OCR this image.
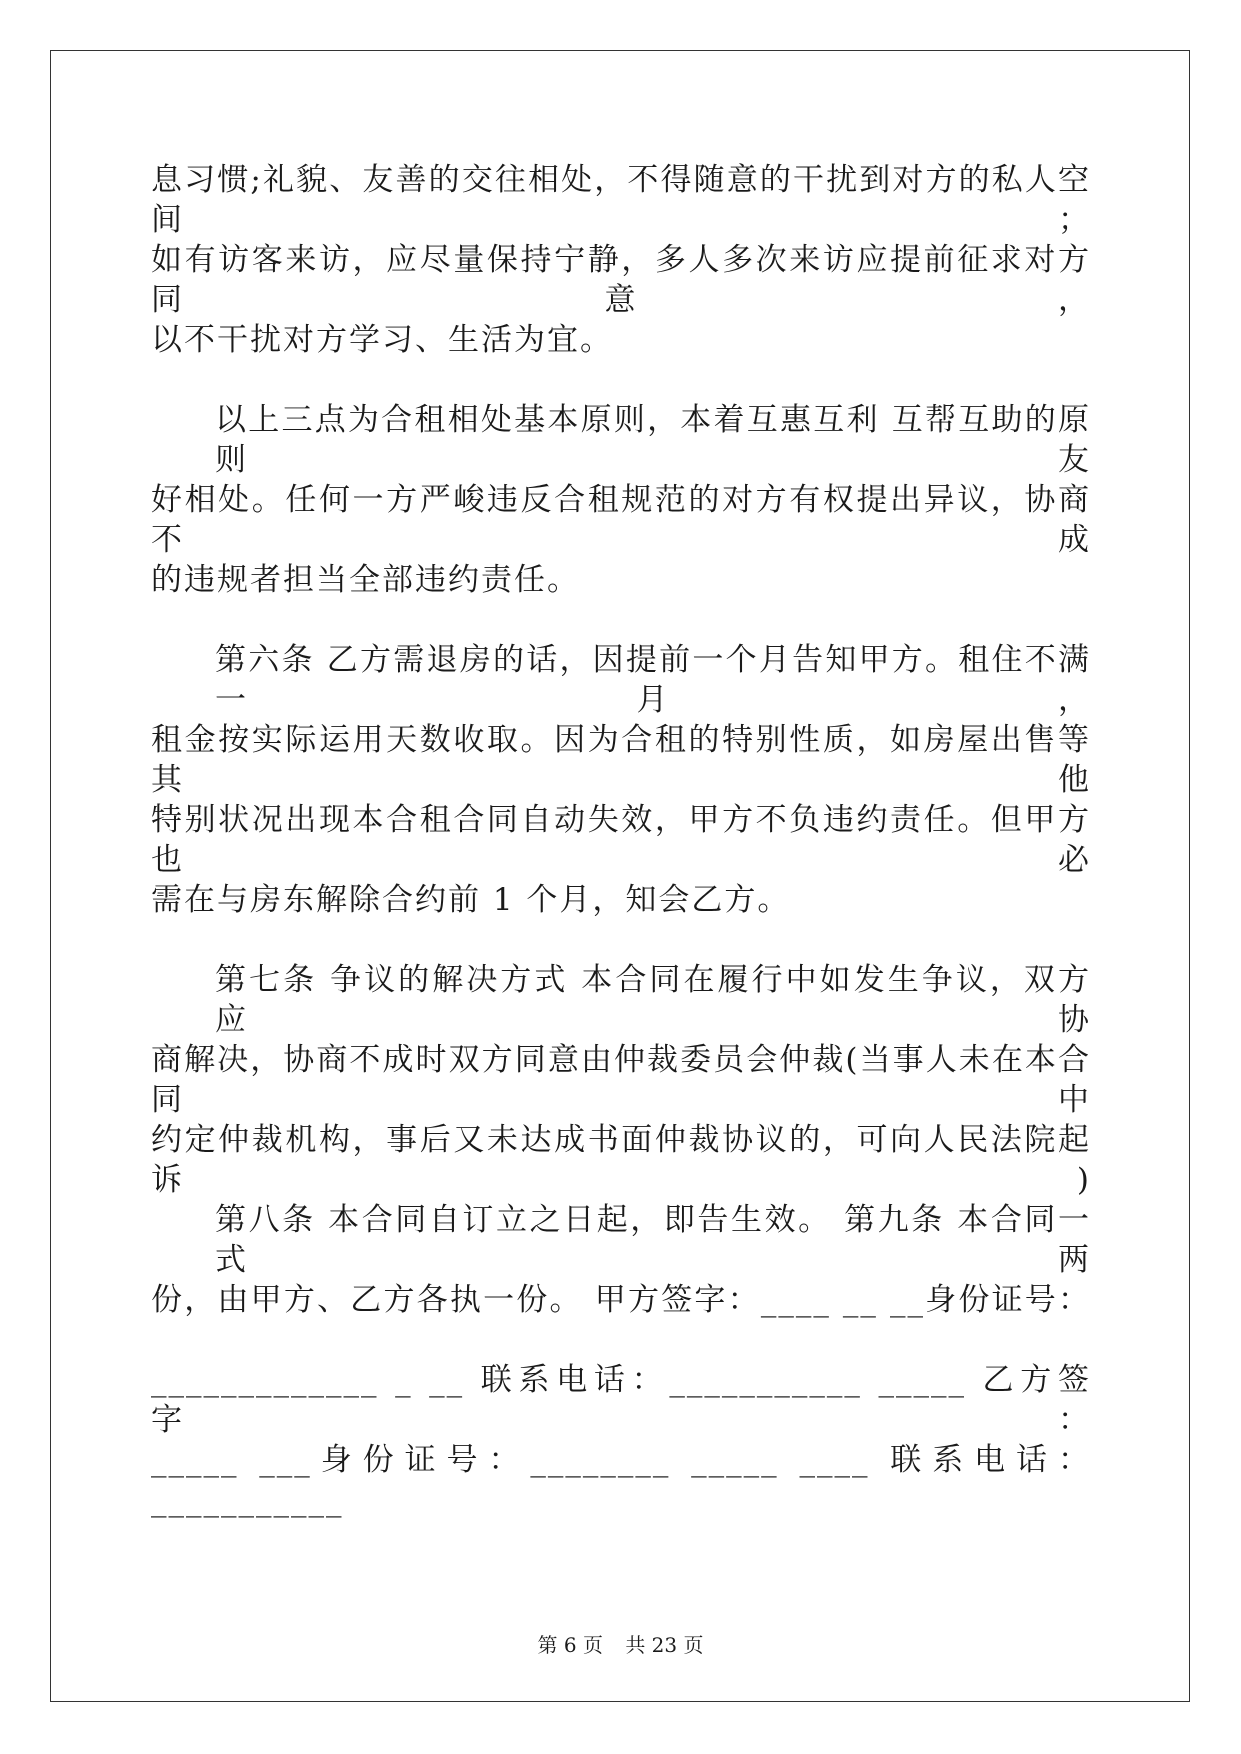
息习惯;礼貌、友善的交往相处，不得随意的干扰到对方的私人空间；
如有访客来访，应尽量保持宁静，多人多次来访应提前征求对方同意，
以不干扰对方学习、生活为宜。
以上三点为合租相处基本原则，本着互惠互利 互帮互助的原则友
好相处。任何一方严峻违反合租规范的对方有权提出异议，协商不成
的违规者担当全部违约责任。
第六条 乙方需退房的话，因提前一个月告知甲方。租住不满一月，
租金按实际运用天数收取。因为合租的特别性质，如房屋出售等其他
特别状况出现本合租合同自动失效，甲方不负违约责任。但甲方也必
需在与房东解除合约前 1 个月，知会乙方。
第七条 争议的解决方式 本合同在履行中如发生争议，双方应协
商解决，协商不成时双方同意由仲裁委员会仲裁(当事人未在本合同中
约定仲裁机构，事后又未达成书面仲裁协议的，可向人民法院起诉)
第八条 本合同自订立之日起，即告生效。 第九条 本合同一式两
份，由甲方、乙方各执一份。 甲方签字：____ __ __身份证号：
_____________ _ __ 联系电话：___________ _____ 乙方签字：
_____ ___身份证号：________ _____ ____ 联系电话：___________
第 6 页 共 23 页
